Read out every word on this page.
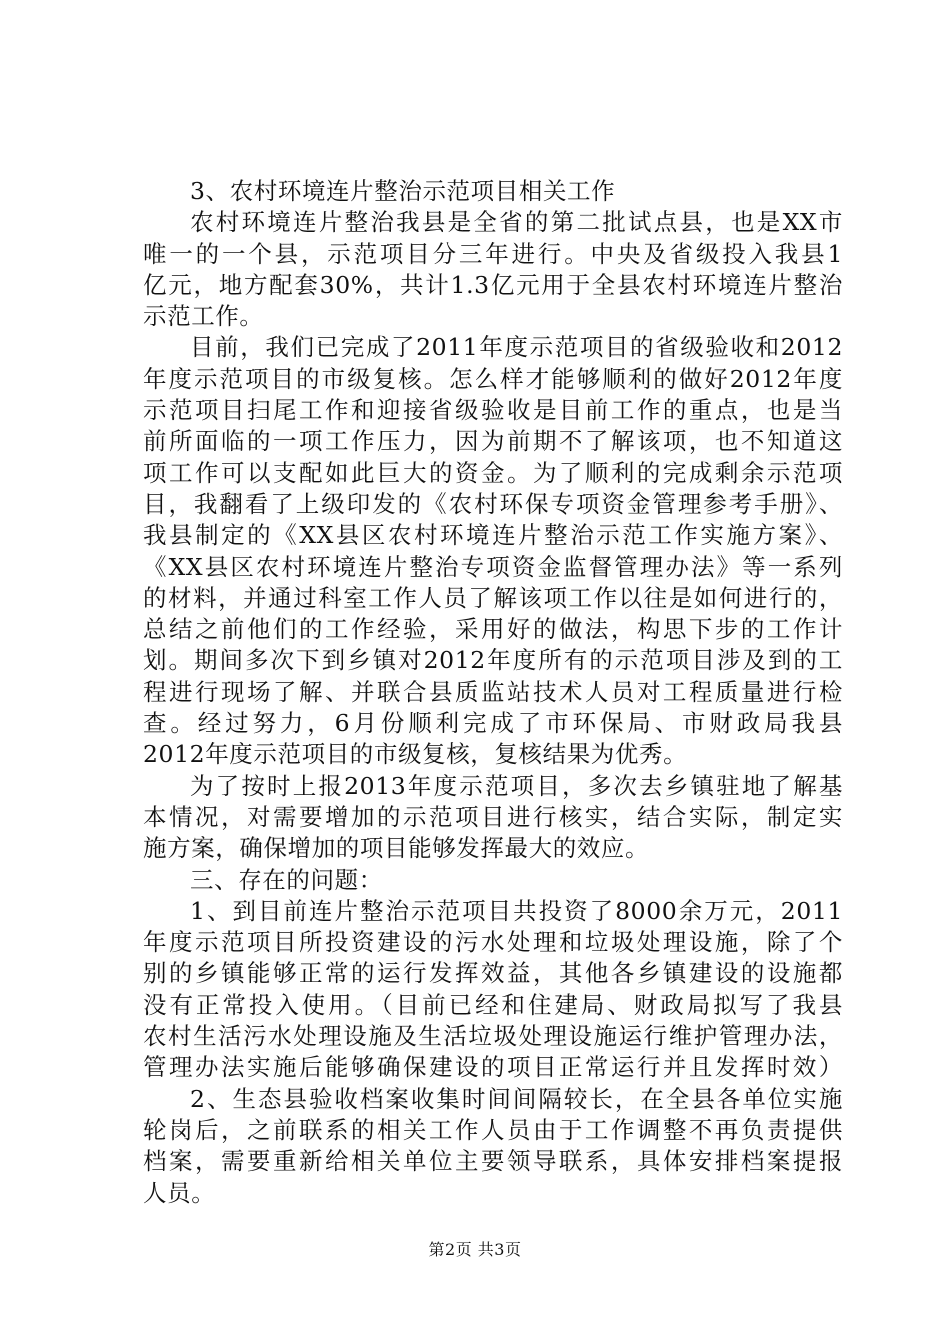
3、农村环境连片整治示范项目相关工作
农村环境连片整治我县是全省的第二批试点县，也是XX市
唯一的一个县，示范项目分三年进行。中央及省级投入我县1
亿元，地方配套30%，共计1.3亿元用于全县农村环境连片整治
示范工作。
目前，我们已完成了2011年度示范项目的省级验收和2012
年度示范项目的市级复核。怎么样才能够顺利的做好2012年度
示范项目扫尾工作和迎接省级验收是目前工作的重点，也是当
前所面临的一项工作压力，因为前期不了解该项，也不知道这
项工作可以支配如此巨大的资金。为了顺利的完成剩余示范项
目，我翻看了上级印发的《农村环保专项资金管理参考手册》、
我县制定的《XX县区农村环境连片整治示范工作实施方案》、
《XX县区农村环境连片整治专项资金监督管理办法》等一系列
的材料，并通过科室工作人员了解该项工作以往是如何进行的，
总结之前他们的工作经验，采用好的做法，构思下步的工作计
划。期间多次下到乡镇对2012年度所有的示范项目涉及到的工
程进行现场了解、并联合县质监站技术人员对工程质量进行检
查。经过努力，6月份顺利完成了市环保局、市财政局我县
2012年度示范项目的市级复核，复核结果为优秀。
为了按时上报2013年度示范项目，多次去乡镇驻地了解基
本情况，对需要增加的示范项目进行核实，结合实际，制定实
施方案，确保增加的项目能够发挥最大的效应。
三、存在的问题：
1、到目前连片整治示范项目共投资了8000余万元，2011
年度示范项目所投资建设的污水处理和垃圾处理设施，除了个
别的乡镇能够正常的运行发挥效益，其他各乡镇建设的设施都
没有正常投入使用。（目前已经和住建局、财政局拟写了我县
农村生活污水处理设施及生活垃圾处理设施运行维护管理办法，
管理办法实施后能够确保建设的项目正常运行并且发挥时效）
2、生态县验收档案收集时间间隔较长，在全县各单位实施
轮岗后，之前联系的相关工作人员由于工作调整不再负责提供
档案，需要重新给相关单位主要领导联系，具体安排档案提报
人员。
第2页 共3页
